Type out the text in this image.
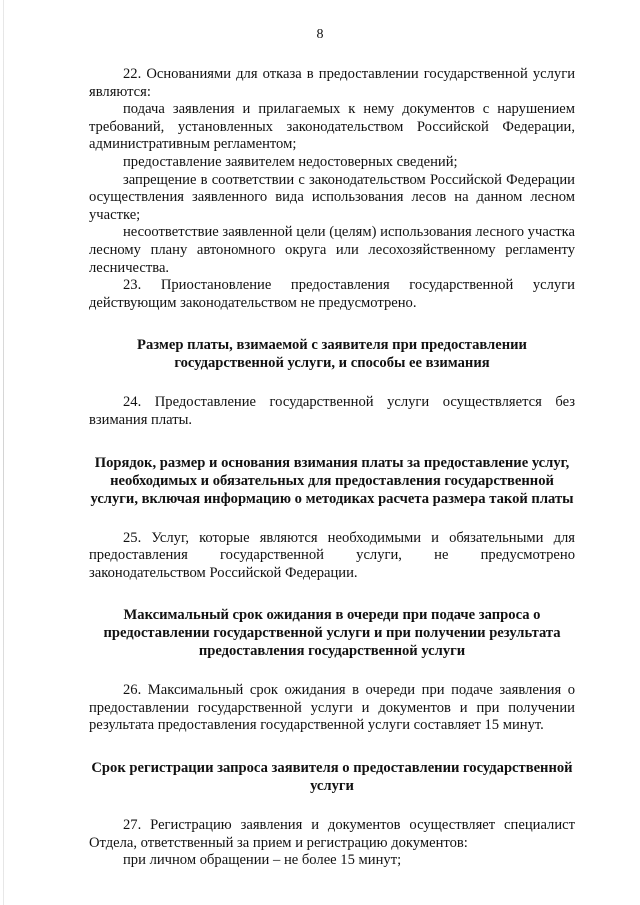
8

22. Основаниями для отказа в предоставлении государственной услуги являются:

подача заявления и прилагаемых к нему документов с нарушением требований, установленных законодательством Российской Федерации, административным регламентом;

предоставление заявителем недостоверных сведений;

запрещение в соответствии с законодательством Российской Федерации осуществления заявленного вида использования лесов на данном лесном участке;

несоответствие заявленной цели (целям) использования лесного участка лесному плану автономного округа или лесохозяйственному регламенту лесничества.

23. Приостановление предоставления государственной услуги действующим законодательством не предусмотрено.

Размер платы, взимаемой с заявителя при предоставлении государственной услуги, и способы ее взимания

24. Предоставление государственной услуги осуществляется без взимания платы.

Порядок, размер и основания взимания платы за предоставление услуг, необходимых и обязательных для предоставления государственной услуги, включая информацию о методиках расчета размера такой платы

25. Услуг, которые являются необходимыми и обязательными для предоставления государственной услуги, не предусмотрено законодательством Российской Федерации.

Максимальный срок ожидания в очереди при подаче запроса о предоставлении государственной услуги и при получении результата предоставления государственной услуги

26. Максимальный срок ожидания в очереди при подаче заявления о предоставлении государственной услуги и документов и при получении результата предоставления государственной услуги составляет 15 минут.

Срок регистрации запроса заявителя о предоставлении государственной услуги

27. Регистрацию заявления и документов осуществляет специалист Отдела, ответственный за прием и регистрацию документов:

при личном обращении – не более 15 минут;
